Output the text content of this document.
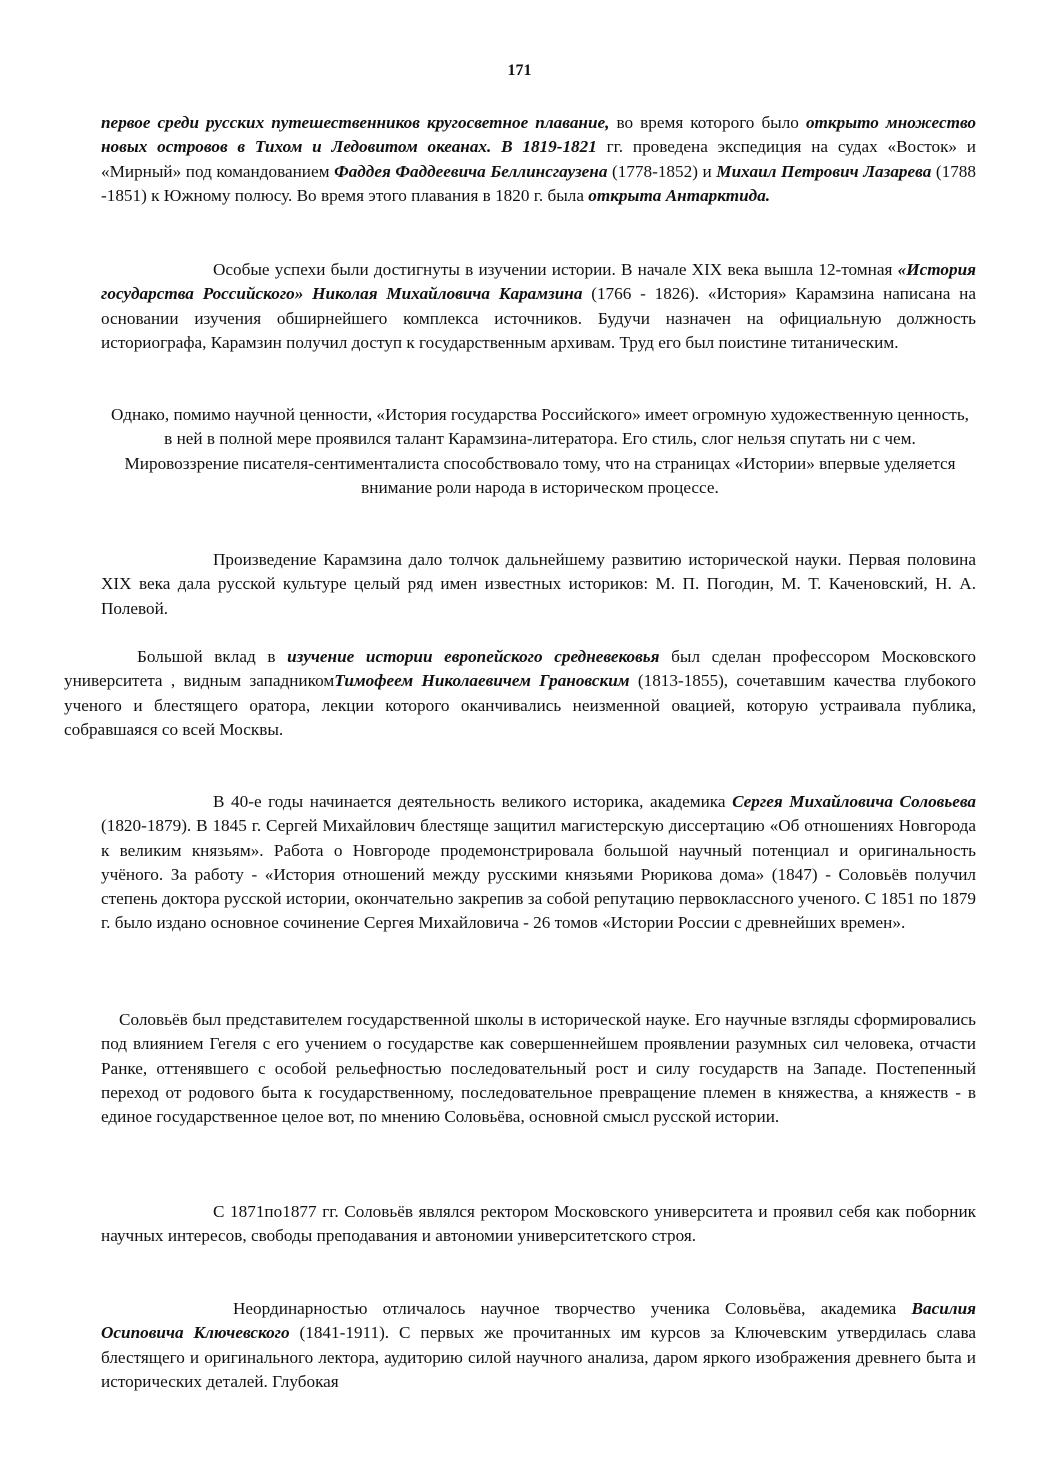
171

первое среди русских путешественников кругосветное плавание, во время которого было открыто множество новых островов в Тихом и Ледовитом океанах. В 1819-1821 гг. проведена экспедиция на судах «Восток» и «Мирный» под командованием Фаддея Фаддеевича Беллинсгаузена (1778-1852) и Михаил Петрович Лазарева (1788 -1851) к Южному полюсу. Во время этого плавания в 1820 г. была открыта Антарктида.

Особые успехи были достигнуты в изучении истории. В начале XIX века вышла 12-томная «История государства Российского» Николая Михайловича Карамзина (1766 - 1826). «История» Карамзина написана на основании изучения обширнейшего комплекса источников. Будучи назначен на официальную должность историографа, Карамзин получил доступ к государственным архивам. Труд его был поистине титаническим.

Однако, помимо научной ценности, «История государства Российского» имеет огромную художественную ценность, в ней в полной мере проявился талант Карамзина-литератора. Его стиль, слог нельзя спутать ни с чем. Мировоззрение писателя-сентименталиста способствовало тому, что на страницах «Истории» впервые уделяется внимание роли народа в историческом процессе.

Произведение Карамзина дало толчок дальнейшему развитию исторической науки. Первая половина XIX века дала русской культуре целый ряд имен известных историков: М. П. Погодин, М. Т. Каченовский, Н. А. Полевой.

Большой вклад в изучение истории европейского средневековья был сделан профессором Московского университета , видным западникомТимофеем Николаевичем Грановским (1813-1855), сочетавшим качества глубокого ученого и блестящего оратора, лекции которого оканчивались неизменной овацией, которую устраивала публика, собравшаяся со всей Москвы.

В 40-е годы начинается деятельность великого историка, академика Сергея Михайловича Соловьева (1820-1879). В 1845 г. Сергей Михайлович блестяще защитил магистерскую диссертацию «Об отношениях Новгорода к великим князьям». Работа о Новгороде продемонстрировала большой научный потенциал и оригинальность учёного. За работу - «История отношений между русскими князьями Рюрикова дома» (1847) - Соловьёв получил степень доктора русской истории, окончательно закрепив за собой репутацию первоклассного ученого. С 1851 по 1879 г. было издано основное сочинение Сергея Михайловича - 26 томов «Истории России с древнейших времен».

Соловьёв был представителем государственной школы в исторической науке. Его научные взгляды сформировались под влиянием Гегеля с его учением о государстве как совершеннейшем проявлении разумных сил человека, отчасти Ранке, оттенявшего с особой рельефностью последовательный рост и силу государств на Западе. Постепенный переход от родового быта к государственному, последовательное превращение племен в княжества, а княжеств - в единое государственное целое вот, по мнению Соловьёва, основной смысл русской истории.

С 1871по1877 гг. Соловьёв являлся ректором Московского университета и проявил себя как поборник научных интересов, свободы преподавания и автономии университетского строя.

Неординарностью отличалось научное творчество ученика Соловьёва, академика Василия Осиповича Ключевского (1841-1911). С первых же прочитанных им курсов за Ключевским утвердилась слава блестящего и оригинального лектора, аудиторию силой научного анализа, даром яркого изображения древнего быта и исторических деталей. Глубокая
